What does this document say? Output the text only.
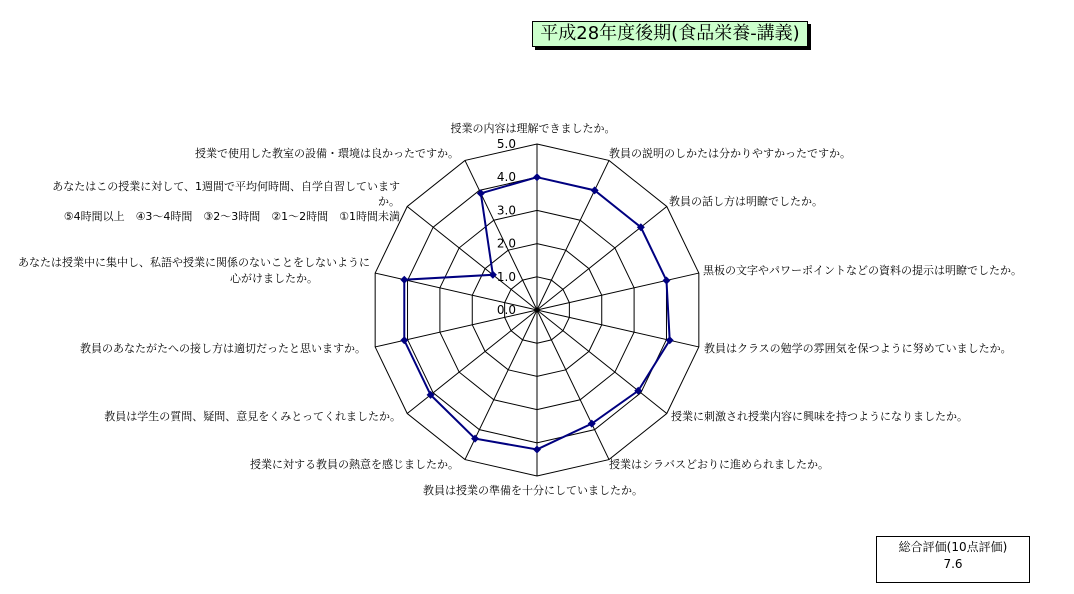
平成28年度後期(食品栄養-講義)
0.0
1.0
2.0
3.0
4.0
5.0
授業の内容は理解できましたか。
教員の説明のしかたは分かりやすかったですか。
教員の話し方は明瞭でしたか。
黒板の文字やパワーポイントなどの資料の提示は明瞭でしたか。
教員はクラスの勉学の雰囲気を保つように努めていましたか。
授業に刺激され授業内容に興味を持つようになりましたか。
授業はシラバスどおりに進められましたか。
教員は授業の準備を十分にしていましたか。
授業に対する教員の熱意を感じましたか。
教員は学生の質問、疑問、意見をくみとってくれましたか。
教員のあなたがたへの接し方は適切だったと思いますか。
あなたは授業中に集中し、私語や授業に関係のないことをしないように
心がけましたか。
あなたはこの授業に対して、1週間で平均何時間、自学自習しています
か。
⑤4時間以上　④3～4時間　③2～3時間　②1～2時間　①1時間未満
授業で使用した教室の設備・環境は良かったですか。
総合評価(10点評価)
7.6
